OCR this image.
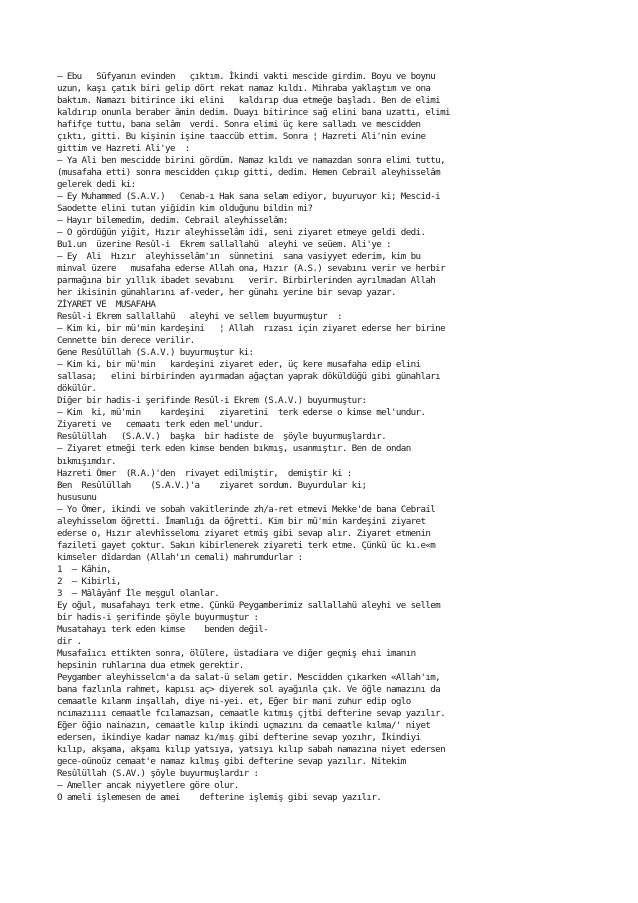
— Ebu   Süfyanın evinden   çıktım. İkindi vakti mescide girdim. Boyu ve boynu
uzun, kaşı çatık biri gelip dört rekat namaz kıldı. Mihraba yaklaştım ve ona
baktım. Namazı bitirince iki elini   kaldırıp dua etmeğe başladı. Ben de elimi
kaldırıp onunla beraber âmin dedim. Duayı bitirince sağ elini bana uzattı, elimi
hafifçe tuttu, bana selâm  verdi. Sonra elimi üç kere salladı ve mescidden
çıktı, gitti. Bu kişinin işine taaccüb ettim. Sonra ¦ Hazreti Ali'nin evine
gittim ve Hazreti Ali'ye  :
— Ya Ali ben mescidde birini gördüm. Namaz kıldı ve namazdan sonra elimi tuttu,
(musafaha etti) sonra mescidden çıkıp gitti, dedim. Hemen Cebrail aleyhisselâm
gelerek dedi ki:
— Ey Muhammed (S.A.V.)   Cenab-ı Hak sana selam ediyor, buyuruyor ki; Mescid-i
Saodette elini tutan yiğidin kim olduğunu bildin mi?
— Hayır bilemedim, dedim. Cebrail aleyhisselâm:
— O gördüğün yiğit, Hızır aleyhisselâm idi, seni ziyaret etmeye geldi dedi.
Bu1.un  üzerine Resûl-i  Ekrem sallallahü  aleyhi ve seüem. Ali'ye :
— Ey  Ali  Hızır  aleyhisselâm'ın  sünnetini  sana vasiyyet ederim, kim bu
minval üzere   musafaha ederse Allah ona, Hızır (A.S.) sevabını verir ve herbir
parmağına bir yıllık ibadet sevabını   verir. Birbirlerinden ayrılmadan Allah
her ikisinin günahlarını af-veder, her günahı yerine bir sevap yazar.
ZİYARET VE  MUSAFAHA
Resûl-i Ekrem sallallahü   aleyhi ve sellem buyurmuştur  :
— Kim ki, bir mü'min kardeşini   ¦ Allah  rızası için ziyaret ederse her birine
Cennette bin derece verilir.
Gene Resûlüllah (S.A.V.) buyurmuştur ki:
— Kim ki, bir mü'min   kardeşini ziyaret eder, üç kere musafaha edip elini
sallasa;   elini birbirinden ayırmadan ağaçtan yaprak döküldüğü gibi günahları
dökülür.
Diğer bir hadis-i şerifinde Resûl-i Ekrem (S.A.V.) buyurmuştur:
— Kim  ki, mü'min    kardeşini   ziyaretini  terk ederse o kimse mel'undur.
Ziyareti ve   cemaatı terk eden mel'undur.
Resûlüllah   (S.A.V.)  başka  bir hadiste de  şöyle buyurmuşlardır.
— Ziyaret etmeği terk eden kimse benden bıkmış, usanmıştır. Ben de ondan
bıkmışımdır.
Hazreti Ömer  (R.A.)'den  rivayet edilmiştir,  demiştir ki :
Ben  Resûlüllah    (S.A.V.)'a    ziyaret sordum. Buyurdular ki;
hususunu
— Yo Ömer, ikindi ve sobah vakitlerinde zh/a-ret etmevi Mekke'de bana Cebrail
aleyhisselom öğretti. İmamlığı da öğretti. Kim bir mü'min kardeşini ziyaret
ederse o, Hızır alevhîsselomı ziyaret etmiş gibi sevap alır. Ziyaret etmenin
fazileti gayet çoktur. Sakın kibirlenerek ziyareti terk etme. Çünkü üc kı.e«m
kimseler dîdardan (Allah'ın cemali) mahrumdurlar :
1  — Kâhin,
2  — Kibirli,
3  — Mâlâyânf İle meşgul olanlar.
Ey oğul, musafahayı terk etme. Çünkü Peygamberimiz sallallahü aleyhi ve sellem
bir hadis-i şerifinde şöyle buyurmuştur :
Musatahayı terk eden kimse    benden değil-
dir .
Musafaîıcı ettikten sonra, ölülere, üstadiara ve diğer geçmiş ehıi imanın
hepsinin ruhlarına dua etmek gerektir.
Peygamber aleyhisselcm'a da salat-ü selam getir. Mescidden çıkarken «Allah'ım,
bana fazlınla rahmet, kapısı aç> diyerek sol ayağınla çık. Ve öğle namazını da
cemaatle kılanm inşallah, diye ni-yei. et, Eğer bir mani zuhur edip oglo
ncımazıııı cemaatle fcılamazsan, cemaatle kıtmış çjtbi defterine sevap yazılır.
Eğer öğio nainazın, cemaatle kılıp ikindi uçmazını da cemaatle kılma/' niyet
edersen, ikindiye kadar namaz kı/mış gibi defterine sevap yozıhr, İkindiyi
kılıp, akşama, akşamı kılıp yatsıya, yatsıyı kılıp sabah namazına niyet edersen
gece-oünoüz cemaat'e namaz kılmış gibi defterine sevap yazılır. Nitekim
Resûlüllah (S.AV.) şöyle buyurmuşlardır :
— Ameller ancak niyyetlere göre olur.
O ameli işlemesen de amei    defterine işlemiş gibi sevap yazılır.
